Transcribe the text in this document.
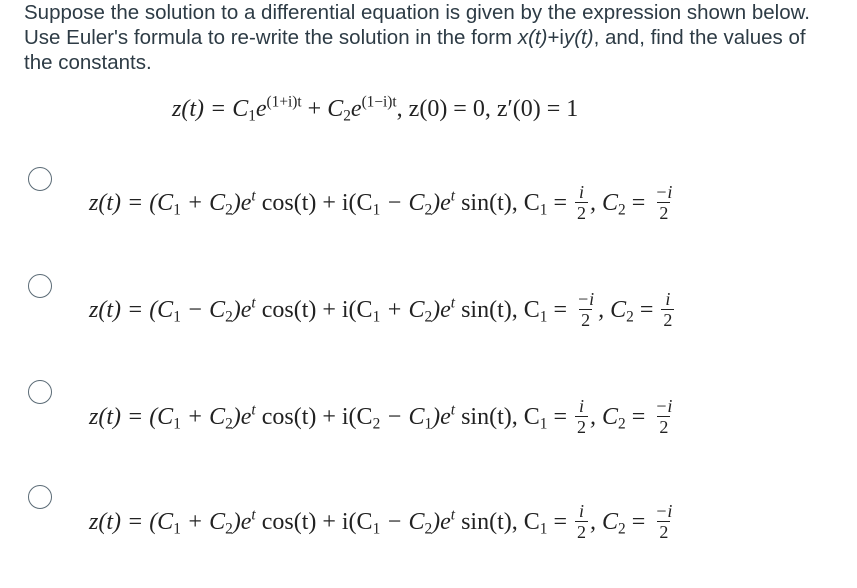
Suppose the solution to a differential equation is given by the expression shown below. Use Euler's formula to re-write the solution in the form x(t)+iy(t), and, find the values of the constants.
$z(t) = C_1e^{(1+i)t} + C_2e^{(1-i)t}$, z(0) = 0, z′(0) = 1
$z(t) = (C_1 + C_2)e^t$ $\cos(t) + i(C_1 - C_2)e^t$ sin(t), $C_1 = \frac{i}{2}$ , $C_2 = \frac{-i}{2}$
$z(t) = (C_1 - C_2)e^t$ $\cos(t) + i(C_1 + C_2)e^t$ sin(t), $C_1 = \frac{-i}{2}$ , $C_2 = \frac{i}{2}$
$z(t) = (C_1 + C_2)e^t$ $\cos(t) + i(C_2 - C_1)e^t$ sin(t), $C_1 = \frac{i}{2}$ , $C_2 = \frac{-i}{2}$
$z(t) = (C_1 + C_2)e^t$ $\cos(t) + i(C_1 - C_2)e^t$ sin(t), $C_1 = \frac{i}{2}$ , $C_2 = \frac{-i}{2}$
